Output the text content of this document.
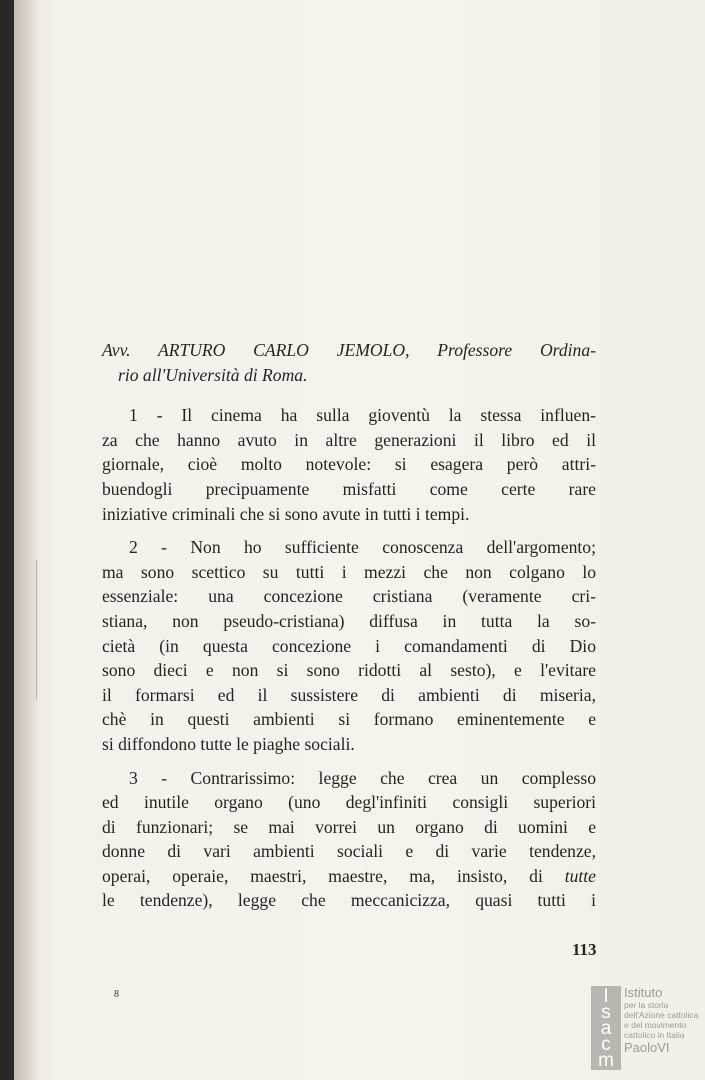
Avv. ARTURO CARLO JEMOLO, Professore Ordina-
rio all'Università di Roma.
1 - Il cinema ha sulla gioventù la stessa influen-
za che hanno avuto in altre generazioni il libro ed il
giornale, cioè molto notevole: si esagera però attri-
buendogli precipuamente misfatti come certe rare
iniziative criminali che si sono avute in tutti i tempi.
2 - Non ho sufficiente conoscenza dell'argomento;
ma sono scettico su tutti i mezzi che non colgano lo
essenziale: una concezione cristiana (veramente cri-
stiana, non pseudo-cristiana) diffusa in tutta la so-
cietà (in questa concezione i comandamenti di Dio
sono dieci e non si sono ridotti al sesto), e l'evitare
il formarsi ed il sussistere di ambienti di miseria,
chè in questi ambienti si formano eminentemente e
si diffondono tutte le piaghe sociali.
3 - Contrarissimo: legge che crea un complesso
ed inutile organo (uno degl'infiniti consigli superiori
di funzionari; se mai vorrei un organo di uomini e
donne di vari ambienti sociali e di varie tendenze,
operai, operaie, maestri, maestre, ma, insisto, di tutte
le tendenze), legge che meccanicizza, quasi tutti i
113
8	I
s
a
c
m
Istituto
per la storia
dell'Azione cattolica
e del movimento
cattolico in Italia
PaoloVI
